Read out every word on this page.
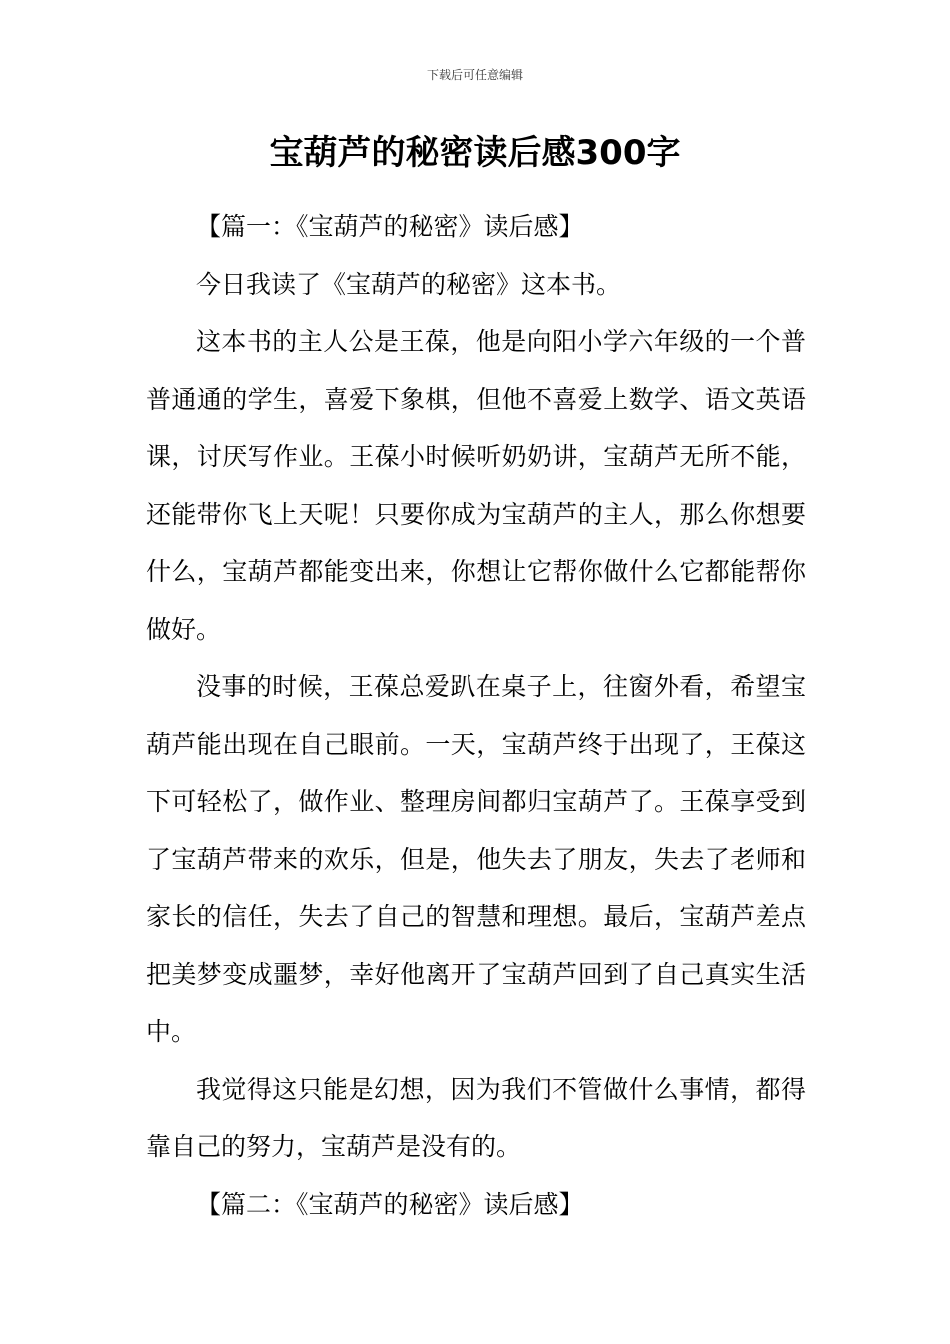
下载后可任意编辑
宝葫芦的秘密读后感300字

【篇一：《宝葫芦的秘密》读后感】

今日我读了《宝葫芦的秘密》这本书。

这本书的主人公是王葆，他是向阳小学六年级的一个普普通通的学生，喜爱下象棋，但他不喜爱上数学、语文英语课，讨厌写作业。王葆小时候听奶奶讲，宝葫芦无所不能，还能带你飞上天呢！只要你成为宝葫芦的主人，那么你想要什么，宝葫芦都能变出来，你想让它帮你做什么它都能帮你做好。

没事的时候，王葆总爱趴在桌子上，往窗外看，希望宝葫芦能出现在自己眼前。一天，宝葫芦终于出现了，王葆这下可轻松了，做作业、整理房间都归宝葫芦了。王葆享受到了宝葫芦带来的欢乐，但是，他失去了朋友，失去了老师和家长的信任，失去了自己的智慧和理想。最后，宝葫芦差点把美梦变成噩梦，幸好他离开了宝葫芦回到了自己真实生活中。

我觉得这只能是幻想，因为我们不管做什么事情，都得靠自己的努力，宝葫芦是没有的。

【篇二：《宝葫芦的秘密》读后感】
